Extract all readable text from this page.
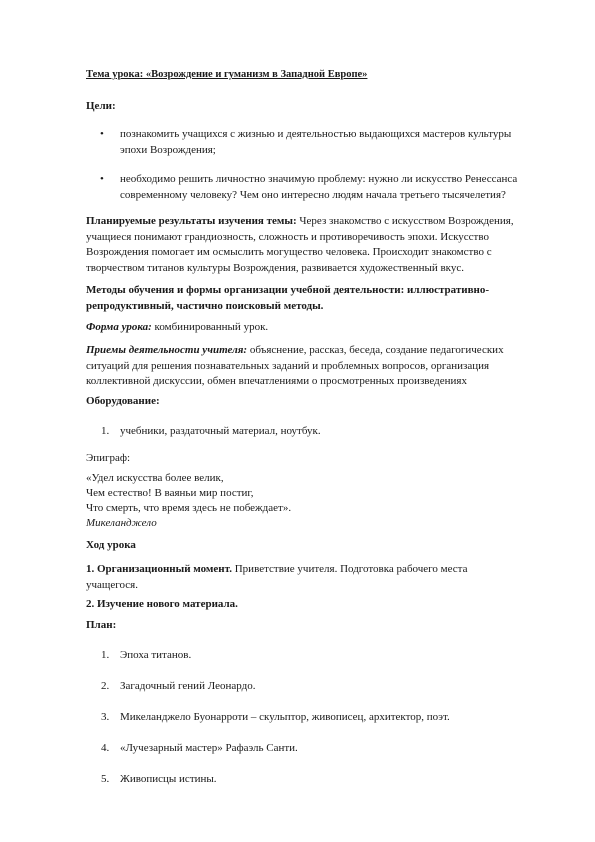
Тема урока: «Возрождение и гуманизм в Западной Европе»
Цели:
• познакомить учащихся с жизнью и деятельностью выдающихся мастеров культуры эпохи Возрождения;
• необходимо решить личностно значимую проблему: нужно ли искусство Ренессанса современному человеку? Чем оно интересно людям начала третьего тысячелетия?
Планируемые результаты изучения темы: Через знакомство с искусством Возрождения, учащиеся понимают грандиозность, сложность и противоречивость эпохи. Искусство Возрождения помогает им осмыслить могущество человека. Происходит знакомство с творчеством титанов культуры Возрождения, развивается художественный вкус.
Методы обучения и формы организации учебной деятельности: иллюстративно-репродуктивный, частично поисковый методы.
Форма урока: комбинированный урок.
Приемы деятельности учителя: объяснение, рассказ, беседа, создание педагогических ситуаций для решения познавательных заданий и проблемных вопросов, организация коллективной дискуссии, обмен впечатлениями о просмотренных произведениях
Оборудование:
1. учебники, раздаточный материал, ноутбук.
Эпиграф:
«Удел искусства более велик,
Чем естество! В ваяньи мир постиг,
Что смерть, что время здесь не побеждает».
Микеланджело
Ход урока
1. Организационный момент. Приветствие учителя. Подготовка рабочего места учащегося.
2. Изучение нового материала.
План:
1. Эпоха титанов.
2. Загадочный гений Леонардо.
3. Микеланджело Буонарроти – скульптор, живописец, архитектор, поэт.
4. «Лучезарный мастер» Рафаэль Санти.
5. Живописцы истины.
